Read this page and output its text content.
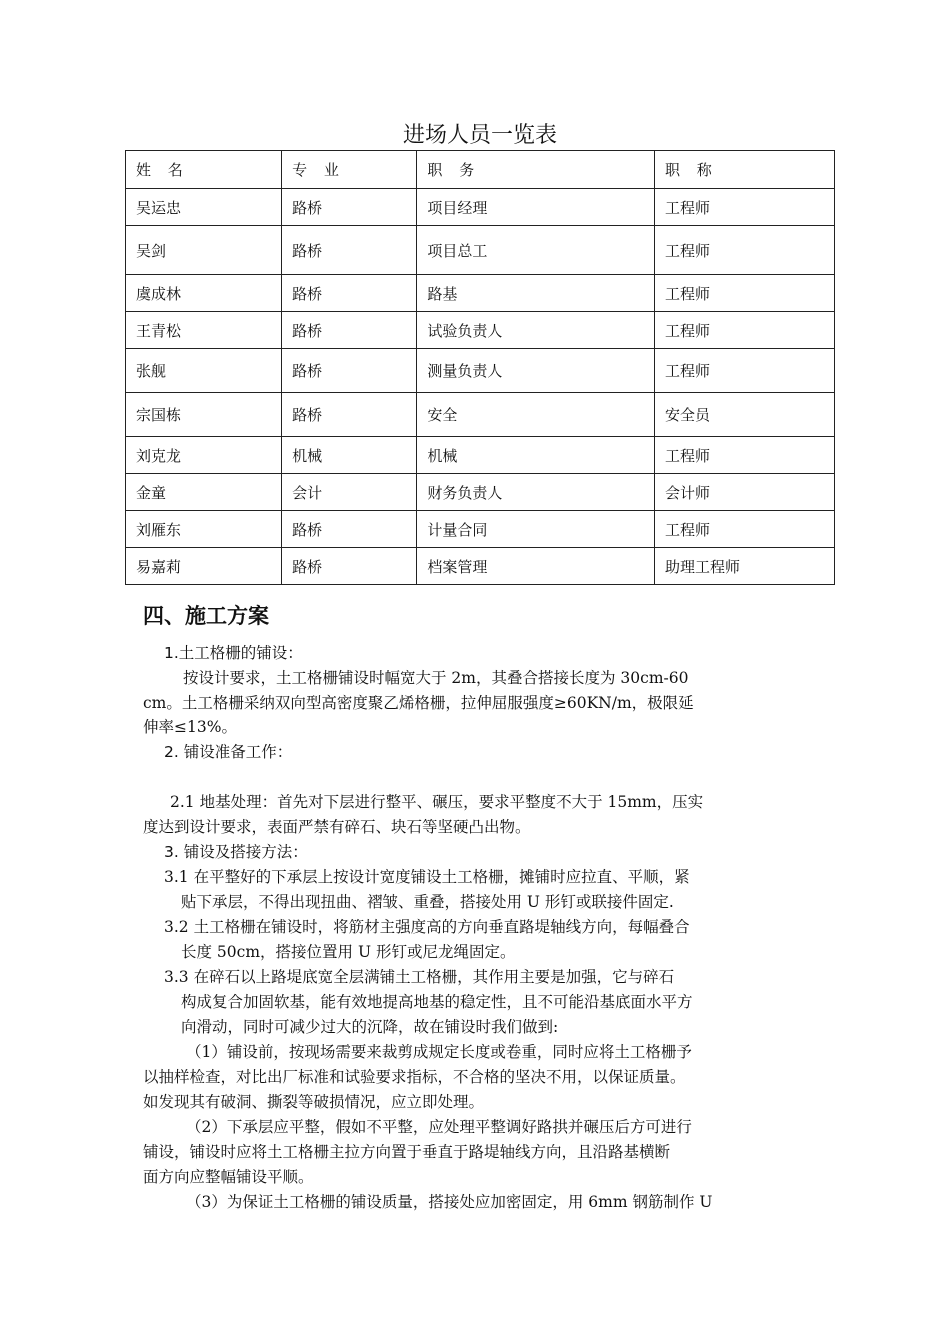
进场人员一览表
姓 名	专 业	职 务	职 称
吴运忠	路桥	项目经理	工程师
吴剑	路桥	项目总工	工程师
虞成林	路桥	路基	工程师
王青松	路桥	试验负责人	工程师
张舰	路桥	测量负责人	工程师
宗国栋	路桥	安全	安全员
刘克龙	机械	机械	工程师
金童	会计	财务负责人	会计师
刘雁东	路桥	计量合同	工程师
易嘉莉	路桥	档案管理	助理工程师
四、施工方案
1.土工格栅的铺设：
按设计要求，土工格栅铺设时幅宽大于 2m，其叠合搭接长度为 30cm-60
cm。土工格栅采纳双向型高密度聚乙烯格栅，拉伸屈服强度≥60KN/m，极限延
伸率≤13%。
2. 铺设准备工作：
2.1 地基处理：首先对下层进行整平、碾压，要求平整度不大于 15mm，压实
度达到设计要求，表面严禁有碎石、块石等坚硬凸出物。
3. 铺设及搭接方法：
3.1 在平整好的下承层上按设计宽度铺设土工格栅，摊铺时应拉直、平顺，紧
贴下承层，不得出现扭曲、褶皱、重叠，搭接处用 U 形钉或联接件固定.
3.2 土工格栅在铺设时，将筋材主强度高的方向垂直路堤轴线方向，每幅叠合
长度 50cm，搭接位置用 U 形钉或尼龙绳固定。
3.3 在碎石以上路堤底宽全层满铺土工格栅，其作用主要是加强，它与碎石
构成复合加固软基，能有效地提高地基的稳定性，且不可能沿基底面水平方
向滑动，同时可减少过大的沉降，故在铺设时我们做到:
（1）铺设前，按现场需要来裁剪成规定长度或卷重，同时应将土工格栅予
以抽样检查，对比出厂标准和试验要求指标，不合格的坚决不用，以保证质量。
如发现其有破洞、撕裂等破损情况，应立即处理。
（2）下承层应平整，假如不平整，应处理平整调好路拱并碾压后方可进行
铺设，铺设时应将土工格栅主拉方向置于垂直于路堤轴线方向，且沿路基横断
面方向应整幅铺设平顺。
（3）为保证土工格栅的铺设质量，搭接处应加密固定，用 6mm 钢筋制作 U
